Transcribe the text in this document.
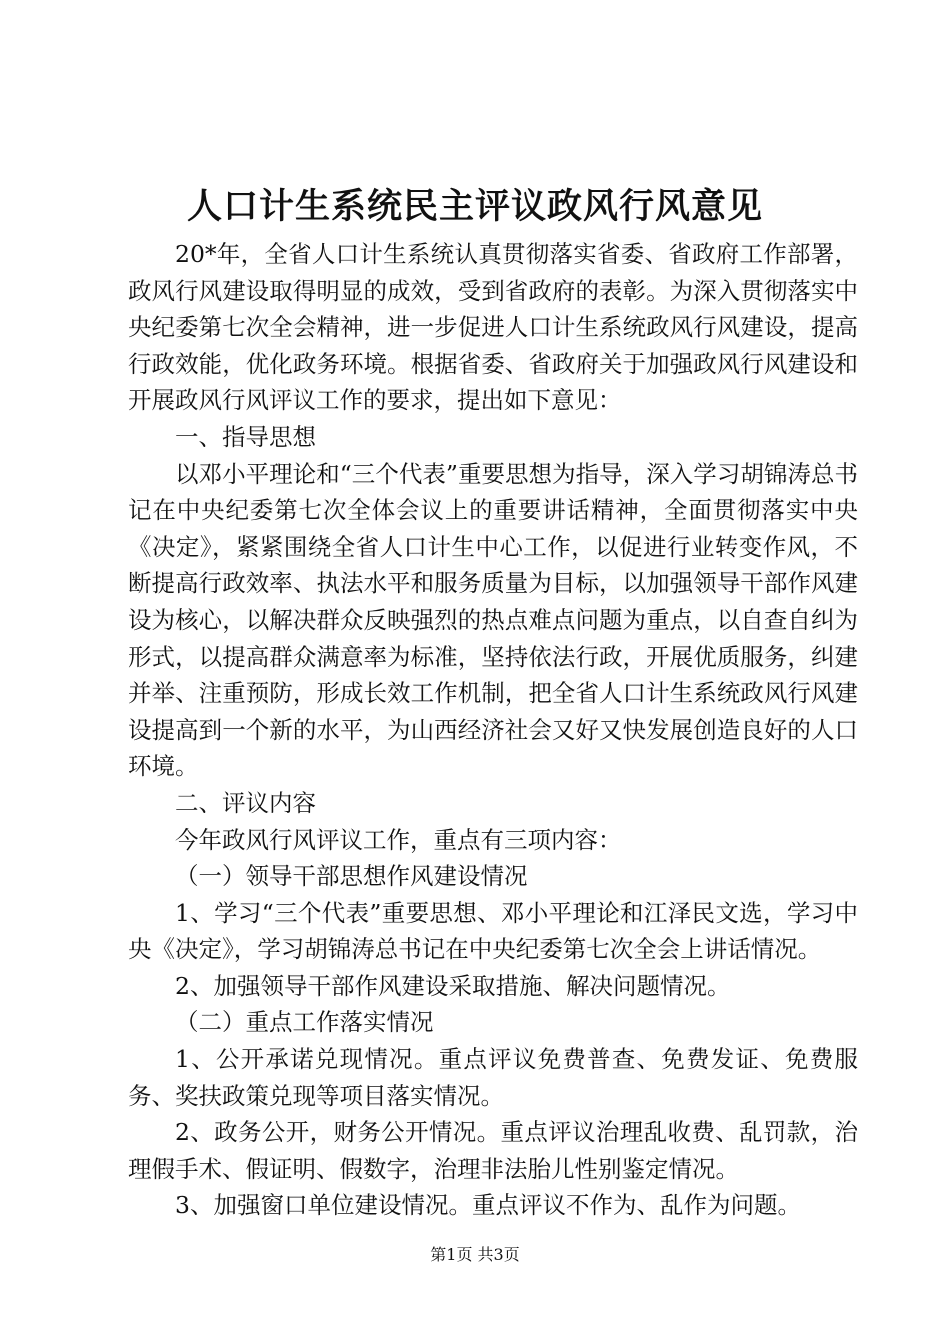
人口计生系统民主评议政风行风意见

20*年，全省人口计生系统认真贯彻落实省委、省政府工作部署，政风行风建设取得明显的成效，受到省政府的表彰。为深入贯彻落实中央纪委第七次全会精神，进一步促进人口计生系统政风行风建设，提高行政效能，优化政务环境。根据省委、省政府关于加强政风行风建设和开展政风行风评议工作的要求，提出如下意见：

一、指导思想

以邓小平理论和“三个代表”重要思想为指导，深入学习胡锦涛总书记在中央纪委第七次全体会议上的重要讲话精神，全面贯彻落实中央《决定》，紧紧围绕全省人口计生中心工作，以促进行业转变作风，不断提高行政效率、执法水平和服务质量为目标，以加强领导干部作风建设为核心，以解决群众反映强烈的热点难点问题为重点，以自查自纠为形式，以提高群众满意率为标准，坚持依法行政，开展优质服务，纠建并举、注重预防，形成长效工作机制，把全省人口计生系统政风行风建设提高到一个新的水平，为山西经济社会又好又快发展创造良好的人口环境。

二、评议内容

今年政风行风评议工作，重点有三项内容：

（一）领导干部思想作风建设情况

1、学习“三个代表”重要思想、邓小平理论和江泽民文选，学习中央《决定》，学习胡锦涛总书记在中央纪委第七次全会上讲话情况。

2、加强领导干部作风建设采取措施、解决问题情况。

（二）重点工作落实情况

1、公开承诺兑现情况。重点评议免费普查、免费发证、免费服务、奖扶政策兑现等项目落实情况。

2、政务公开，财务公开情况。重点评议治理乱收费、乱罚款，治理假手术、假证明、假数字，治理非法胎儿性别鉴定情况。

3、加强窗口单位建设情况。重点评议不作为、乱作为问题。

第1页 共3页
